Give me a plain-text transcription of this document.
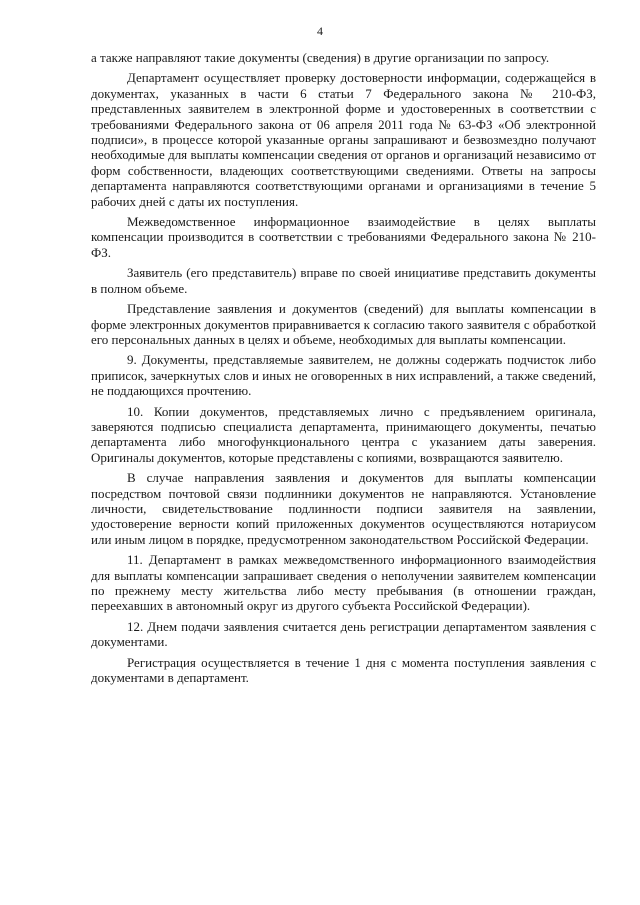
4

а также направляют такие документы (сведения) в другие организации по запросу.

Департамент осуществляет проверку достоверности информации, содержащейся в документах, указанных в части 6 статьи 7 Федерального закона № 210-ФЗ, представленных заявителем в электронной форме и удостоверенных в соответствии с требованиями Федерального закона от 06 апреля 2011 года № 63-ФЗ «Об электронной подписи», в процессе которой указанные органы запрашивают и безвозмездно получают необходимые для выплаты компенсации сведения от органов и организаций независимо от форм собственности, владеющих соответствующими сведениями. Ответы на запросы департамента направляются соответствующими органами и организациями в течение 5 рабочих дней с даты их поступления.

Межведомственное информационное взаимодействие в целях выплаты компенсации производится в соответствии с требованиями Федерального закона № 210-ФЗ.

Заявитель (его представитель) вправе по своей инициативе представить документы в полном объеме.

Представление заявления и документов (сведений) для выплаты компенсации в форме электронных документов приравнивается к согласию такого заявителя с обработкой его персональных данных в целях и объеме, необходимых для выплаты компенсации.

9. Документы, представляемые заявителем, не должны содержать подчисток либо приписок, зачеркнутых слов и иных не оговоренных в них исправлений, а также сведений, не поддающихся прочтению.

10. Копии документов, представляемых лично с предъявлением оригинала, заверяются подписью специалиста департамента, принимающего документы, печатью департамента либо многофункционального центра с указанием даты заверения. Оригиналы документов, которые представлены с копиями, возвращаются заявителю.

В случае направления заявления и документов для выплаты компенсации посредством почтовой связи подлинники документов не направляются. Установление личности, свидетельствование подлинности подписи заявителя на заявлении, удостоверение верности копий приложенных документов осуществляются нотариусом или иным лицом в порядке, предусмотренном законодательством Российской Федерации.

11. Департамент в рамках межведомственного информационного взаимодействия для выплаты компенсации запрашивает сведения о неполучении заявителем компенсации по прежнему месту жительства либо месту пребывания (в отношении граждан, переехавших в автономный округ из другого субъекта Российской Федерации).

12. Днем подачи заявления считается день регистрации департаментом заявления с документами.

Регистрация осуществляется в течение 1 дня с момента поступления заявления с документами в департамент.
